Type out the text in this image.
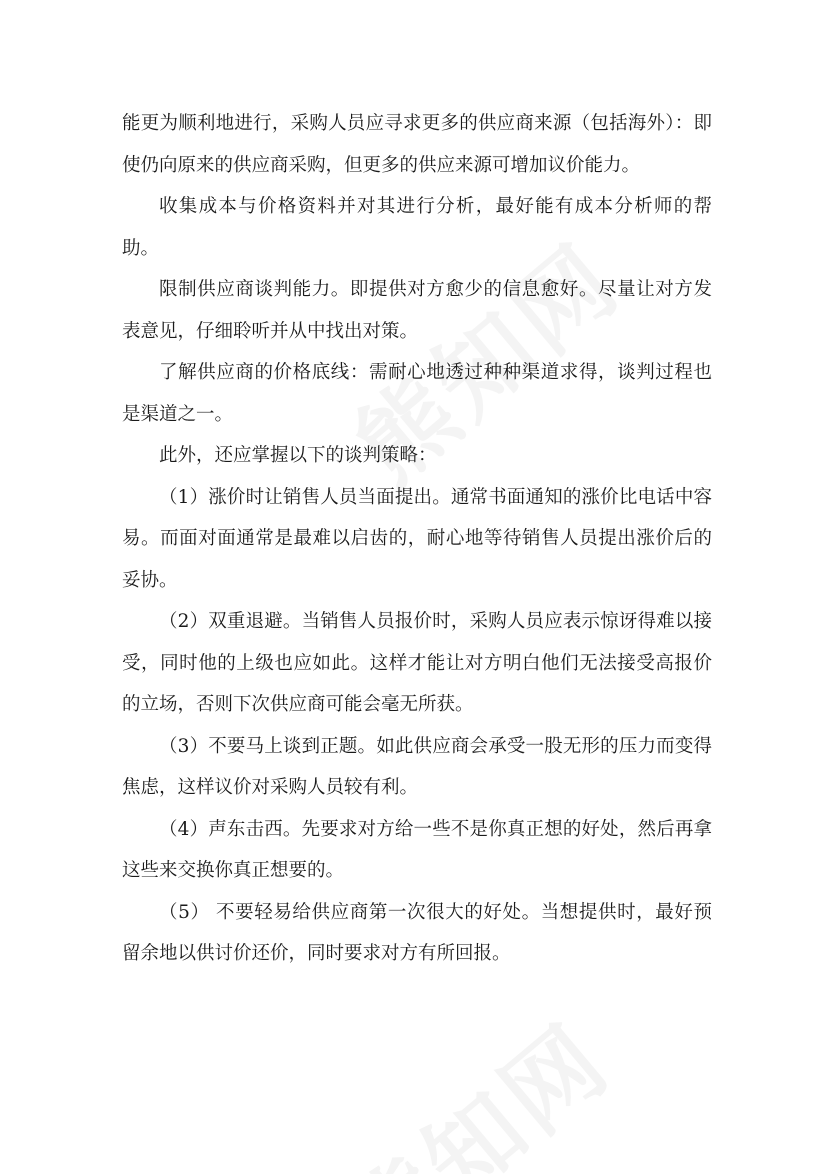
能更为顺利地进行，采购人员应寻求更多的供应商来源（包括海外）：即使仍向原来的供应商采购，但更多的供应来源可增加议价能力。

收集成本与价格资料并对其进行分析，最好能有成本分析师的帮助。

限制供应商谈判能力。即提供对方愈少的信息愈好。尽量让对方发表意见，仔细聆听并从中找出对策。

了解供应商的价格底线：需耐心地透过种种渠道求得，谈判过程也是渠道之一。

此外，还应掌握以下的谈判策略：

（1）涨价时让销售人员当面提出。通常书面通知的涨价比电话中容易。而面对面通常是最难以启齿的，耐心地等待销售人员提出涨价后的妥协。

（2）双重退避。当销售人员报价时，采购人员应表示惊讶得难以接受，同时他的上级也应如此。这样才能让对方明白他们无法接受高报价的立场，否则下次供应商可能会毫无所获。

（3）不要马上谈到正题。如此供应商会承受一股无形的压力而变得焦虑，这样议价对采购人员较有利。

（4）声东击西。先要求对方给一些不是你真正想的好处，然后再拿这些来交换你真正想要的。

（5） 不要轻易给供应商第一次很大的好处。当想提供时，最好预留余地以供讨价还价，同时要求对方有所回报。
